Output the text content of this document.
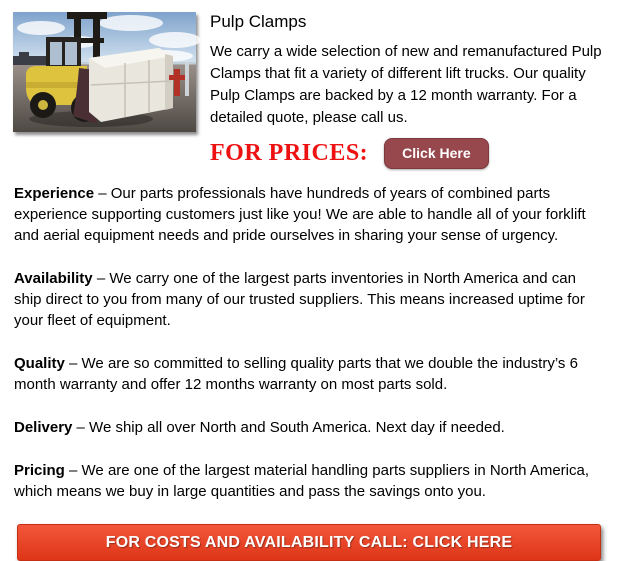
Pulp Clamps

We carry a wide selection of new and remanufactured Pulp Clamps that fit a variety of different lift trucks. Our quality Pulp Clamps are backed by a 12 month warranty. For a detailed quote, please call us.

FOR PRICES:	Click Here

Experience – Our parts professionals have hundreds of years of combined parts experience supporting customers just like you! We are able to handle all of your forklift and aerial equipment needs and pride ourselves in sharing your sense of urgency.

Availability – We carry one of the largest parts inventories in North America and can ship direct to you from many of our trusted suppliers. This means increased uptime for your fleet of equipment.

Quality – We are so committed to selling quality parts that we double the industry’s 6 month warranty and offer 12 months warranty on most parts sold.

Delivery – We ship all over North and South America. Next day if needed.

Pricing – We are one of the largest material handling parts suppliers in North America, which means we buy in large quantities and pass the savings onto you.

FOR COSTS AND AVAILABILITY CALL: CLICK HERE
